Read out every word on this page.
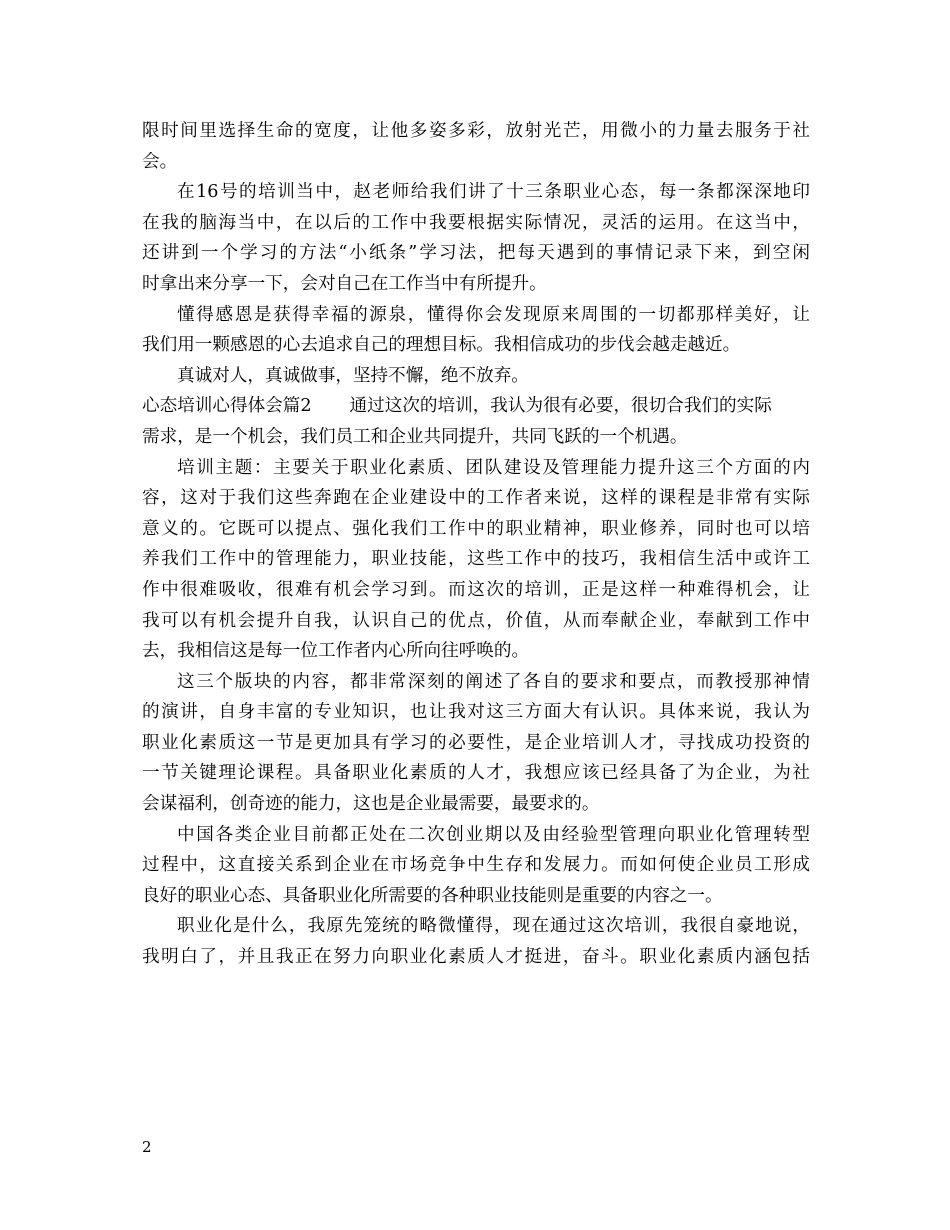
限时间里选择生命的宽度，让他多姿多彩，放射光芒，用微小的力量去服务于社
会。
在16号的培训当中，赵老师给我们讲了十三条职业心态，每一条都深深地印
在我的脑海当中，在以后的工作中我要根据实际情况，灵活的运用。在这当中，
还讲到一个学习的方法“小纸条”学习法，把每天遇到的事情记录下来，到空闲
时拿出来分享一下，会对自己在工作当中有所提升。
懂得感恩是获得幸福的源泉，懂得你会发现原来周围的一切都那样美好，让
我们用一颗感恩的心去追求自己的理想目标。我相信成功的步伐会越走越近。
真诚对人，真诚做事，坚持不懈，绝不放弃。
心态培训心得体会篇2 通过这次的培训，我认为很有必要，很切合我们的实际
需求，是一个机会，我们员工和企业共同提升，共同飞跃的一个机遇。
培训主题：主要关于职业化素质、团队建设及管理能力提升这三个方面的内
容，这对于我们这些奔跑在企业建设中的工作者来说，这样的课程是非常有实际
意义的。它既可以提点、强化我们工作中的职业精神，职业修养，同时也可以培
养我们工作中的管理能力，职业技能，这些工作中的技巧，我相信生活中或许工
作中很难吸收，很难有机会学习到。而这次的培训，正是这样一种难得机会，让
我可以有机会提升自我，认识自己的优点，价值，从而奉献企业，奉献到工作中
去，我相信这是每一位工作者内心所向往呼唤的。
这三个版块的内容，都非常深刻的阐述了各自的要求和要点，而教授那神情
的演讲，自身丰富的专业知识，也让我对这三方面大有认识。具体来说，我认为
职业化素质这一节是更加具有学习的必要性，是企业培训人才，寻找成功投资的
一节关键理论课程。具备职业化素质的人才，我想应该已经具备了为企业，为社
会谋福利，创奇迹的能力，这也是企业最需要，最要求的。
中国各类企业目前都正处在二次创业期以及由经验型管理向职业化管理转型
过程中，这直接关系到企业在市场竞争中生存和发展力。而如何使企业员工形成
良好的职业心态、具备职业化所需要的各种职业技能则是重要的内容之一。
职业化是什么，我原先笼统的略微懂得，现在通过这次培训，我很自豪地说，
我明白了，并且我正在努力向职业化素质人才挺进，奋斗。职业化素质内涵包括
2
